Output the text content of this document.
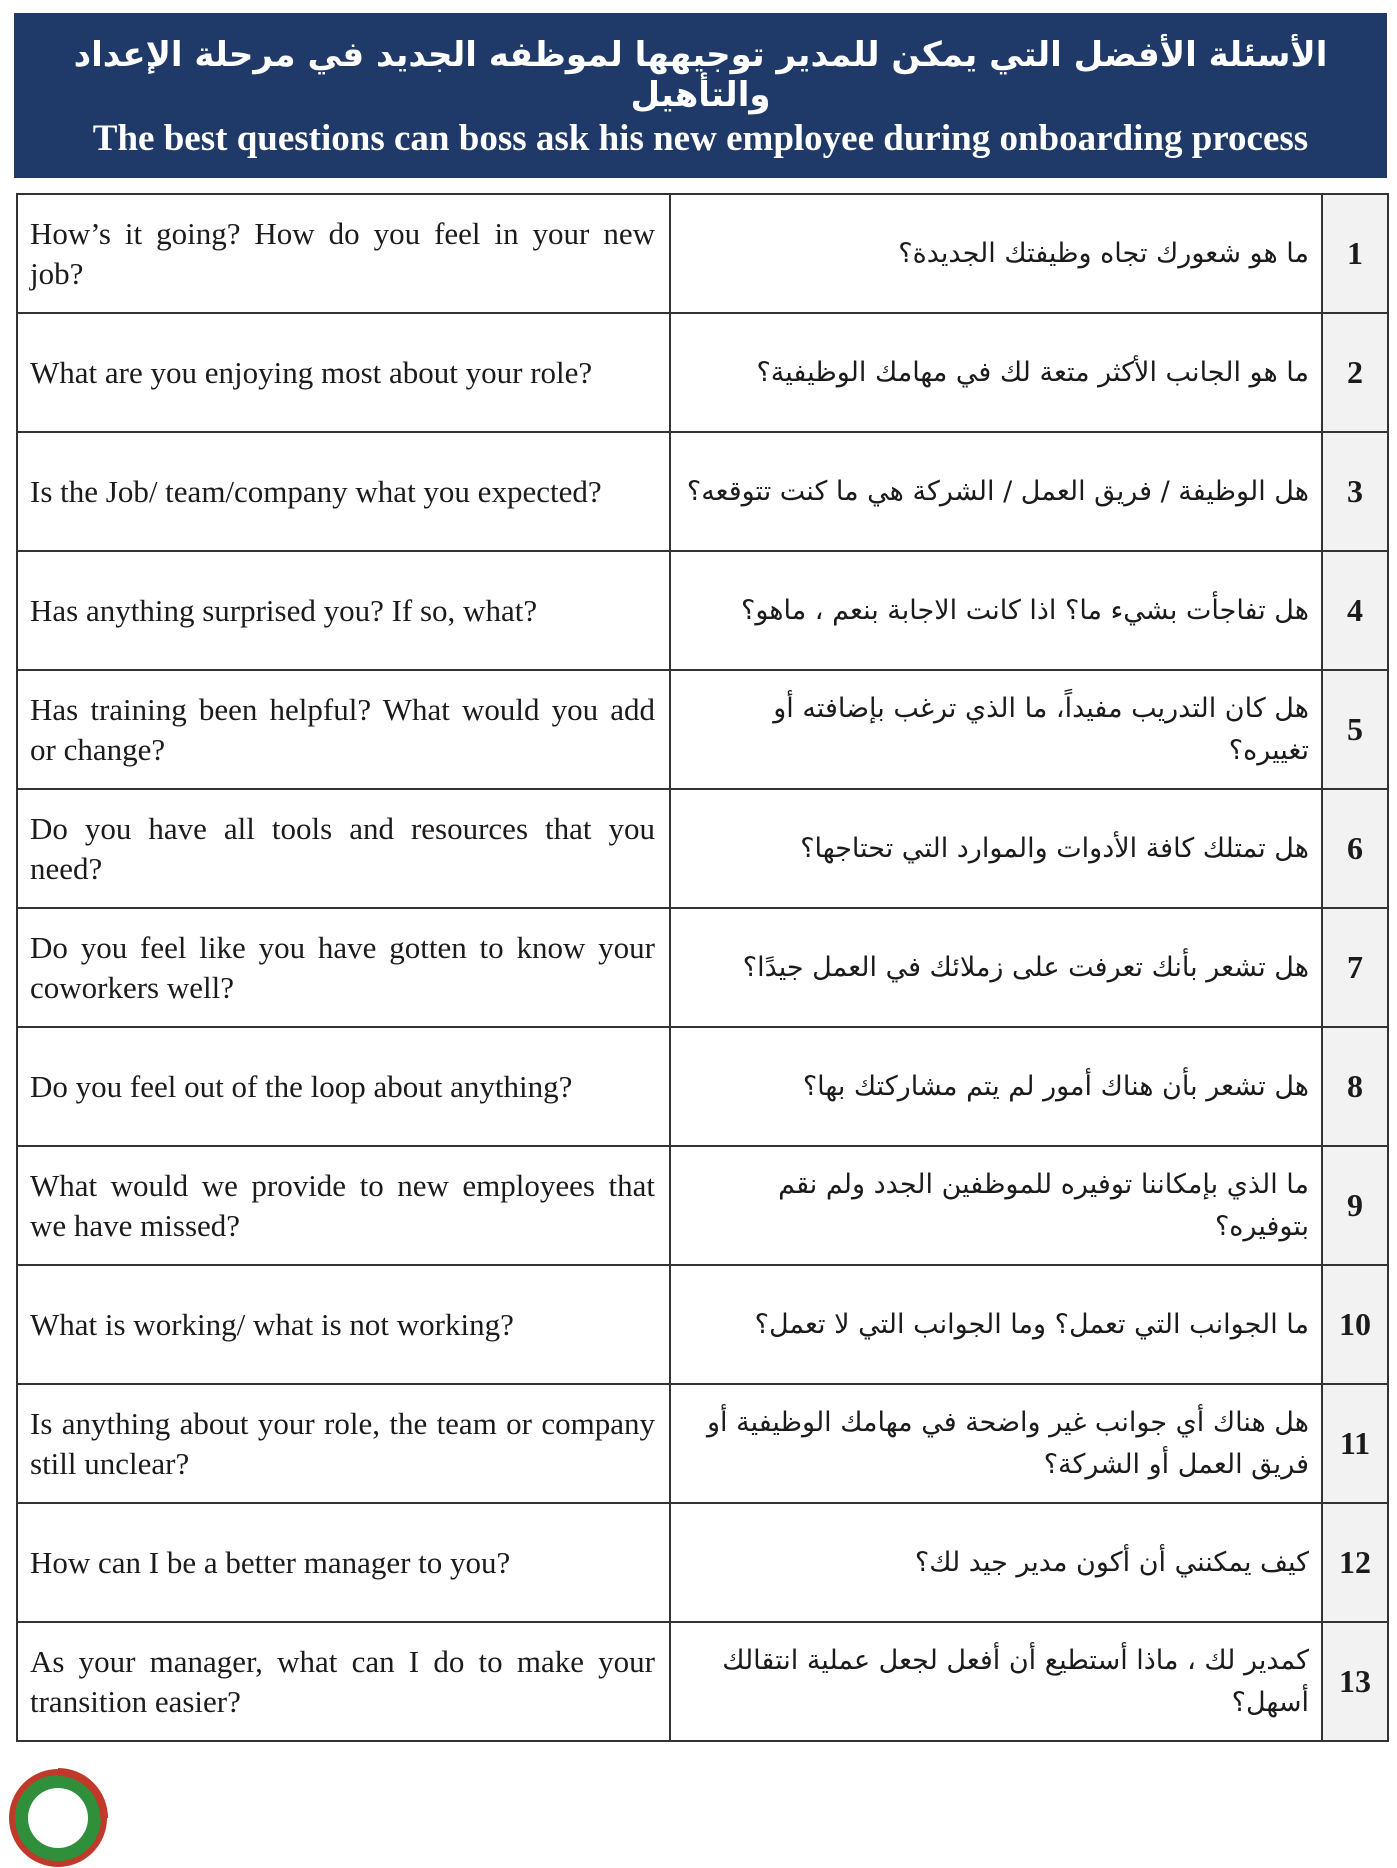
الأسئلة الأفضل التي يمكن للمدير توجيهها لموظفه الجديد في مرحلة الإعداد والتأهيل
The best questions can boss ask his new employee during onboarding process
How’s it going? How do you feel in your new job?	ما هو شعورك تجاه وظيفتك الجديدة؟	1
What are you enjoying most about your role?	ما هو الجانب الأكثر متعة لك في مهامك الوظيفية؟	2
Is the Job/ team/company what you expected?	هل الوظيفة / فريق العمل / الشركة هي ما كنت تتوقعه؟	3
Has anything surprised you? If so, what?	هل تفاجأت بشيء ما؟ اذا كانت الاجابة بنعم ، ماهو؟	4
Has training been helpful? What would you add or change?	هل كان التدريب مفيداً، ما الذي ترغب بإضافته أو تغييره؟	5
Do you have all tools and resources that you need?	هل تمتلك كافة الأدوات والموارد التي تحتاجها؟	6
Do you feel like you have gotten to know your coworkers well?	هل تشعر بأنك تعرفت على زملائك في العمل جيدًا؟	7
Do you feel out of the loop about anything?	هل تشعر بأن هناك أمور لم يتم مشاركتك بها؟	8
What would we provide to new employees that we have missed?	ما الذي بإمكاننا توفيره للموظفين الجدد ولم نقم بتوفيره؟	9
What is working/ what is not working?	ما الجوانب التي تعمل؟ وما الجوانب التي لا تعمل؟	10
Is anything about your role, the team or company still unclear?	هل هناك أي جوانب غير واضحة في مهامك الوظيفية أو فريق العمل أو الشركة؟	11
How can I be a better manager to you?	كيف يمكنني أن أكون مدير جيد لك؟	12
As your manager, what can I do to make your transition easier?	كمدير لك ، ماذا أستطيع أن أفعل لجعل عملية انتقالك أسهل؟	13
